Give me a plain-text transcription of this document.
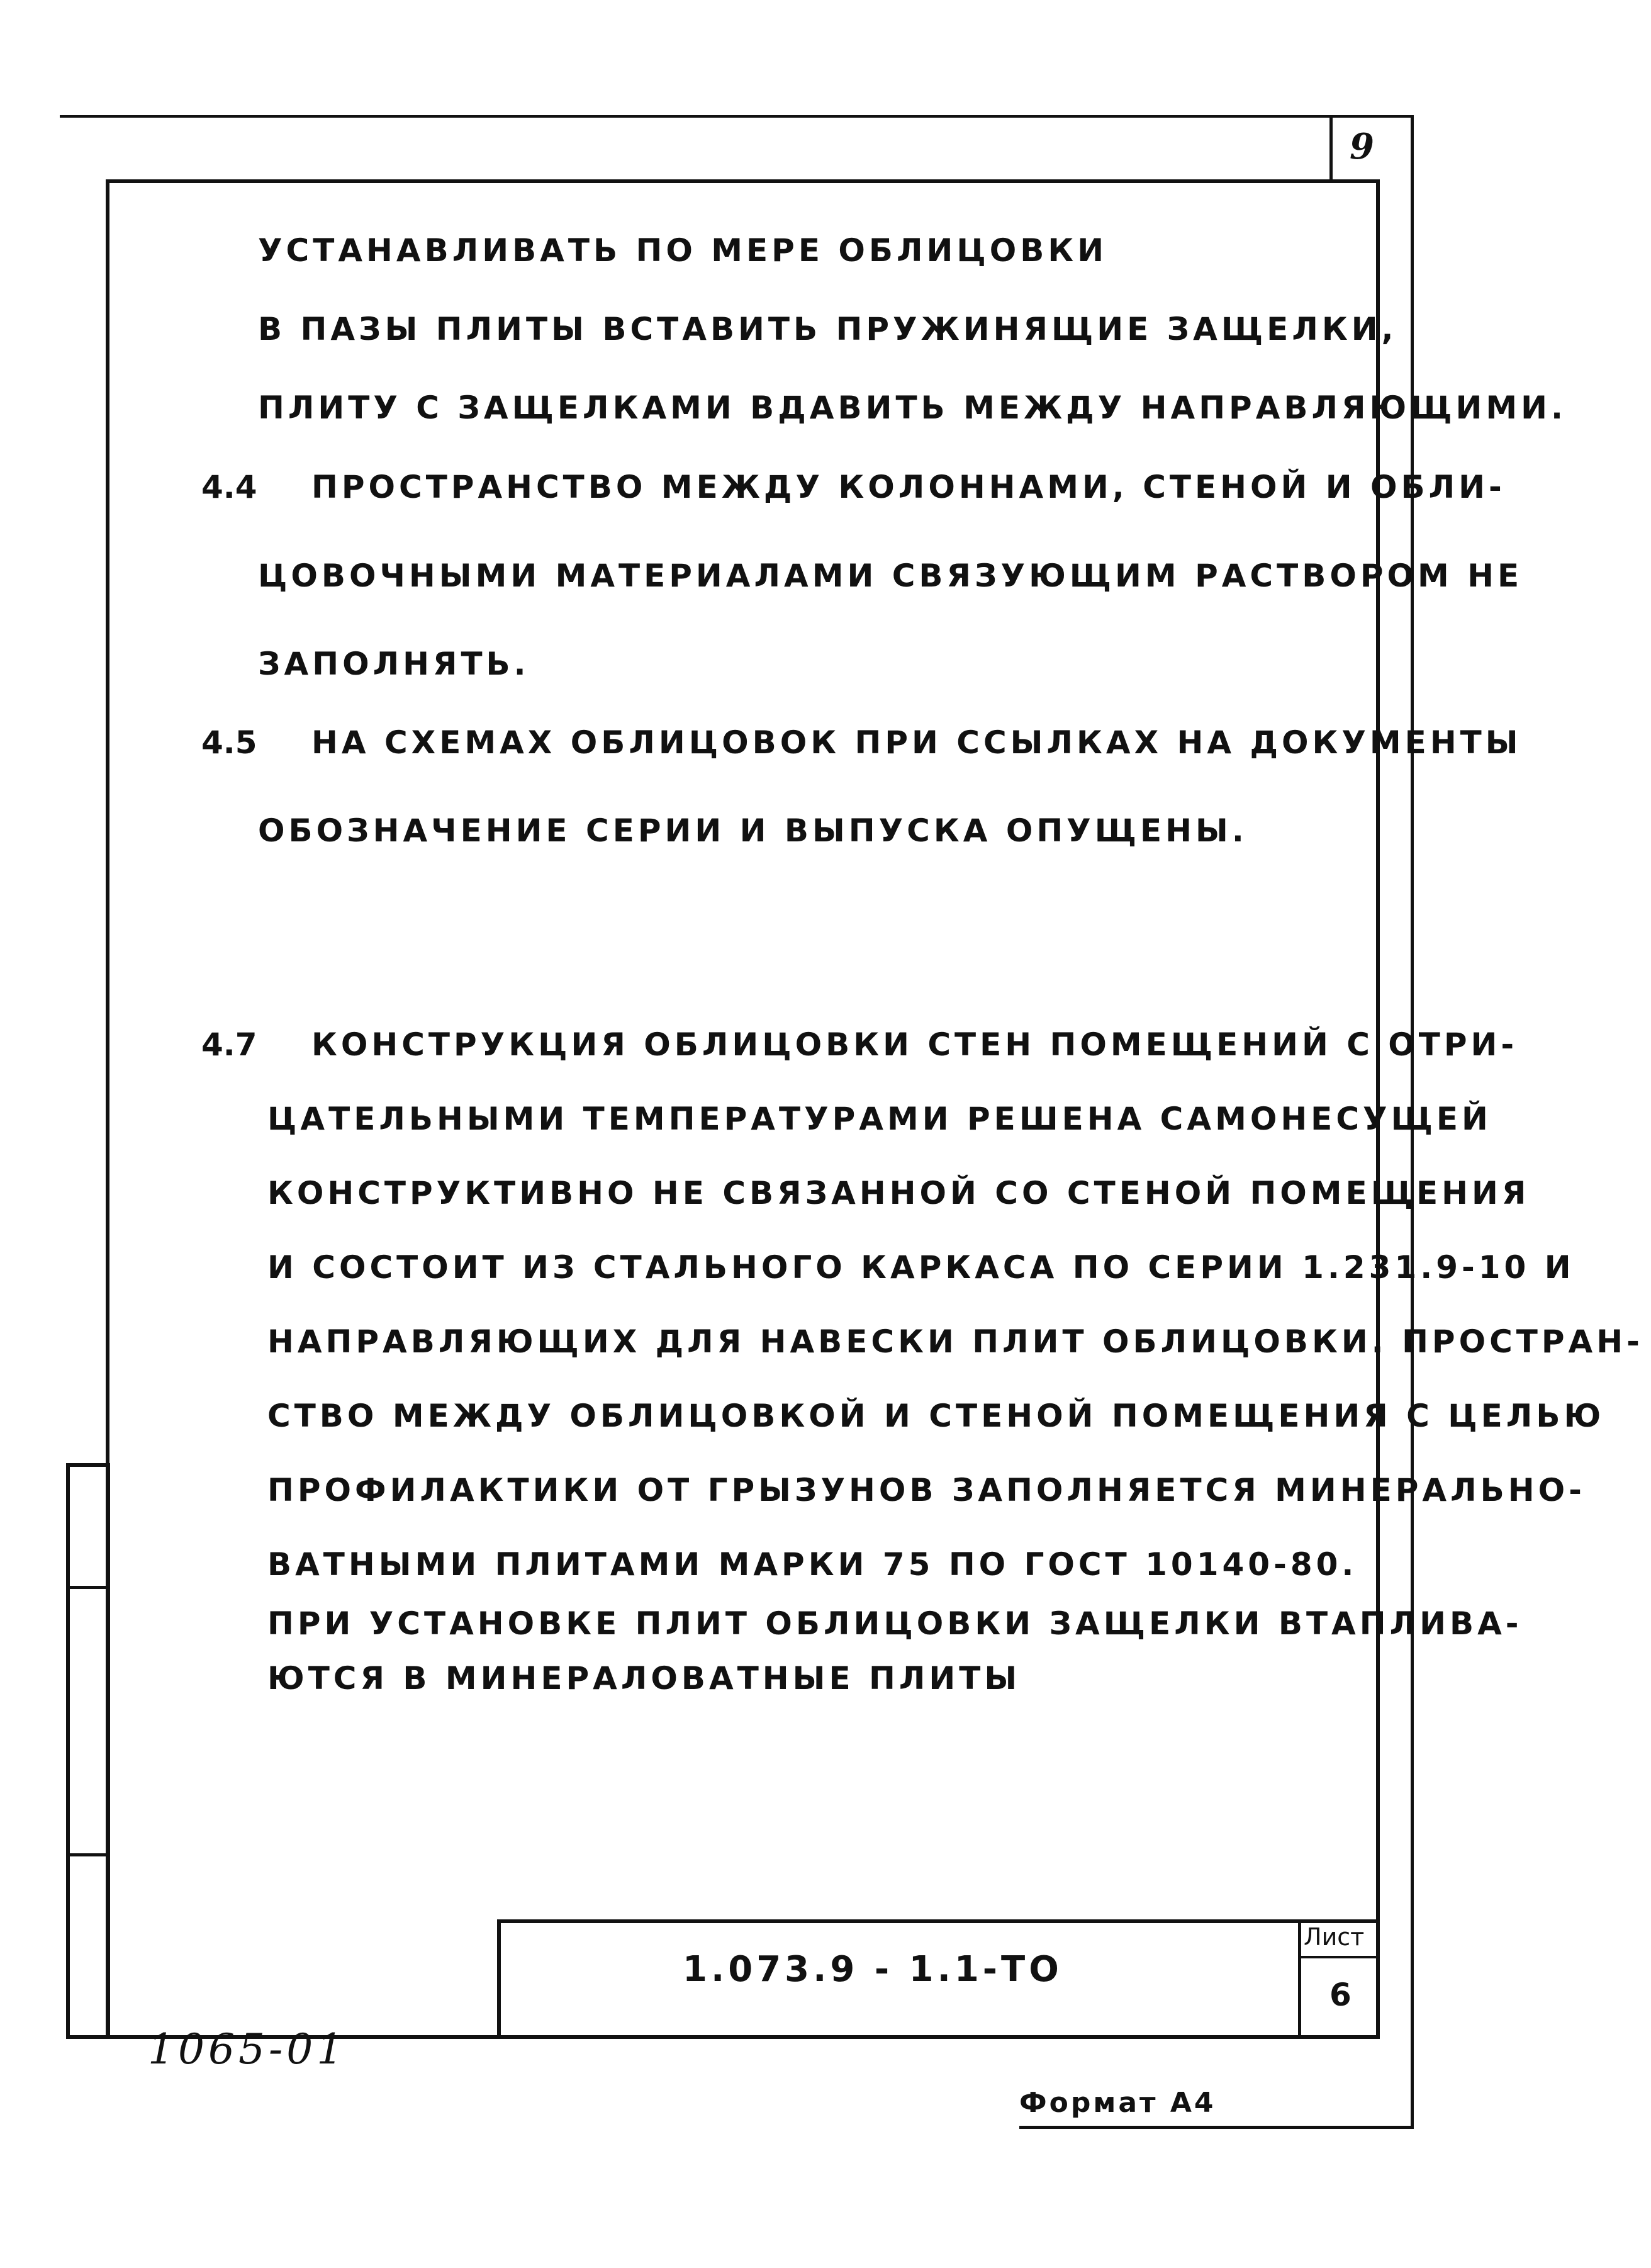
9
УСТАНАВЛИВАТЬ ПО МЕРЕ ОБЛИЦОВКИ
В ПАЗЫ ПЛИТЫ ВСТАВИТЬ ПРУЖИНЯЩИЕ ЗАЩЕЛКИ,
ПЛИТУ С ЗАЩЕЛКАМИ ВДАВИТЬ МЕЖДУ НАПРАВЛЯЮЩИМИ.
4.4 ПРОСТРАНСТВО МЕЖДУ КОЛОННАМИ, СТЕНОЙ И ОБЛИ-
ЦОВОЧНЫМИ МАТЕРИАЛАМИ СВЯЗУЮЩИМ РАСТВОРОМ НЕ
ЗАПОЛНЯТЬ.
4.5 НА СХЕМАХ ОБЛИЦОВОК ПРИ ССЫЛКАХ НА ДОКУМЕНТЫ
ОБОЗНАЧЕНИЕ СЕРИИ И ВЫПУСКА ОПУЩЕНЫ.
4.7 КОНСТРУКЦИЯ ОБЛИЦОВКИ СТЕН ПОМЕЩЕНИЙ С ОТРИ-
ЦАТЕЛЬНЫМИ ТЕМПЕРАТУРАМИ РЕШЕНА САМОНЕСУЩЕЙ
КОНСТРУКТИВНО НЕ СВЯЗАННОЙ СО СТЕНОЙ ПОМЕЩЕНИЯ
И СОСТОИТ ИЗ СТАЛЬНОГО КАРКАСА ПО СЕРИИ 1.231.9-10 И
НАПРАВЛЯЮЩИХ ДЛЯ НАВЕСКИ ПЛИТ ОБЛИЦОВКИ. ПРОСТРАН-
СТВО МЕЖДУ ОБЛИЦОВКОЙ И СТЕНОЙ ПОМЕЩЕНИЯ С ЦЕЛЬЮ
ПРОФИЛАКТИКИ ОТ ГРЫЗУНОВ ЗАПОЛНЯЕТСЯ МИНЕРАЛЬНО-
ВАТНЫМИ ПЛИТАМИ МАРКИ 75 ПО ГОСТ 10140-80.
ПРИ УСТАНОВКЕ ПЛИТ ОБЛИЦОВКИ ЗАЩЕЛКИ ВТАПЛИВА-
ЮТСЯ В МИНЕРАЛОВАТНЫЕ ПЛИТЫ
1.073.9 - 1.1-ТО
Лист
6
1065-01
Формат А4
